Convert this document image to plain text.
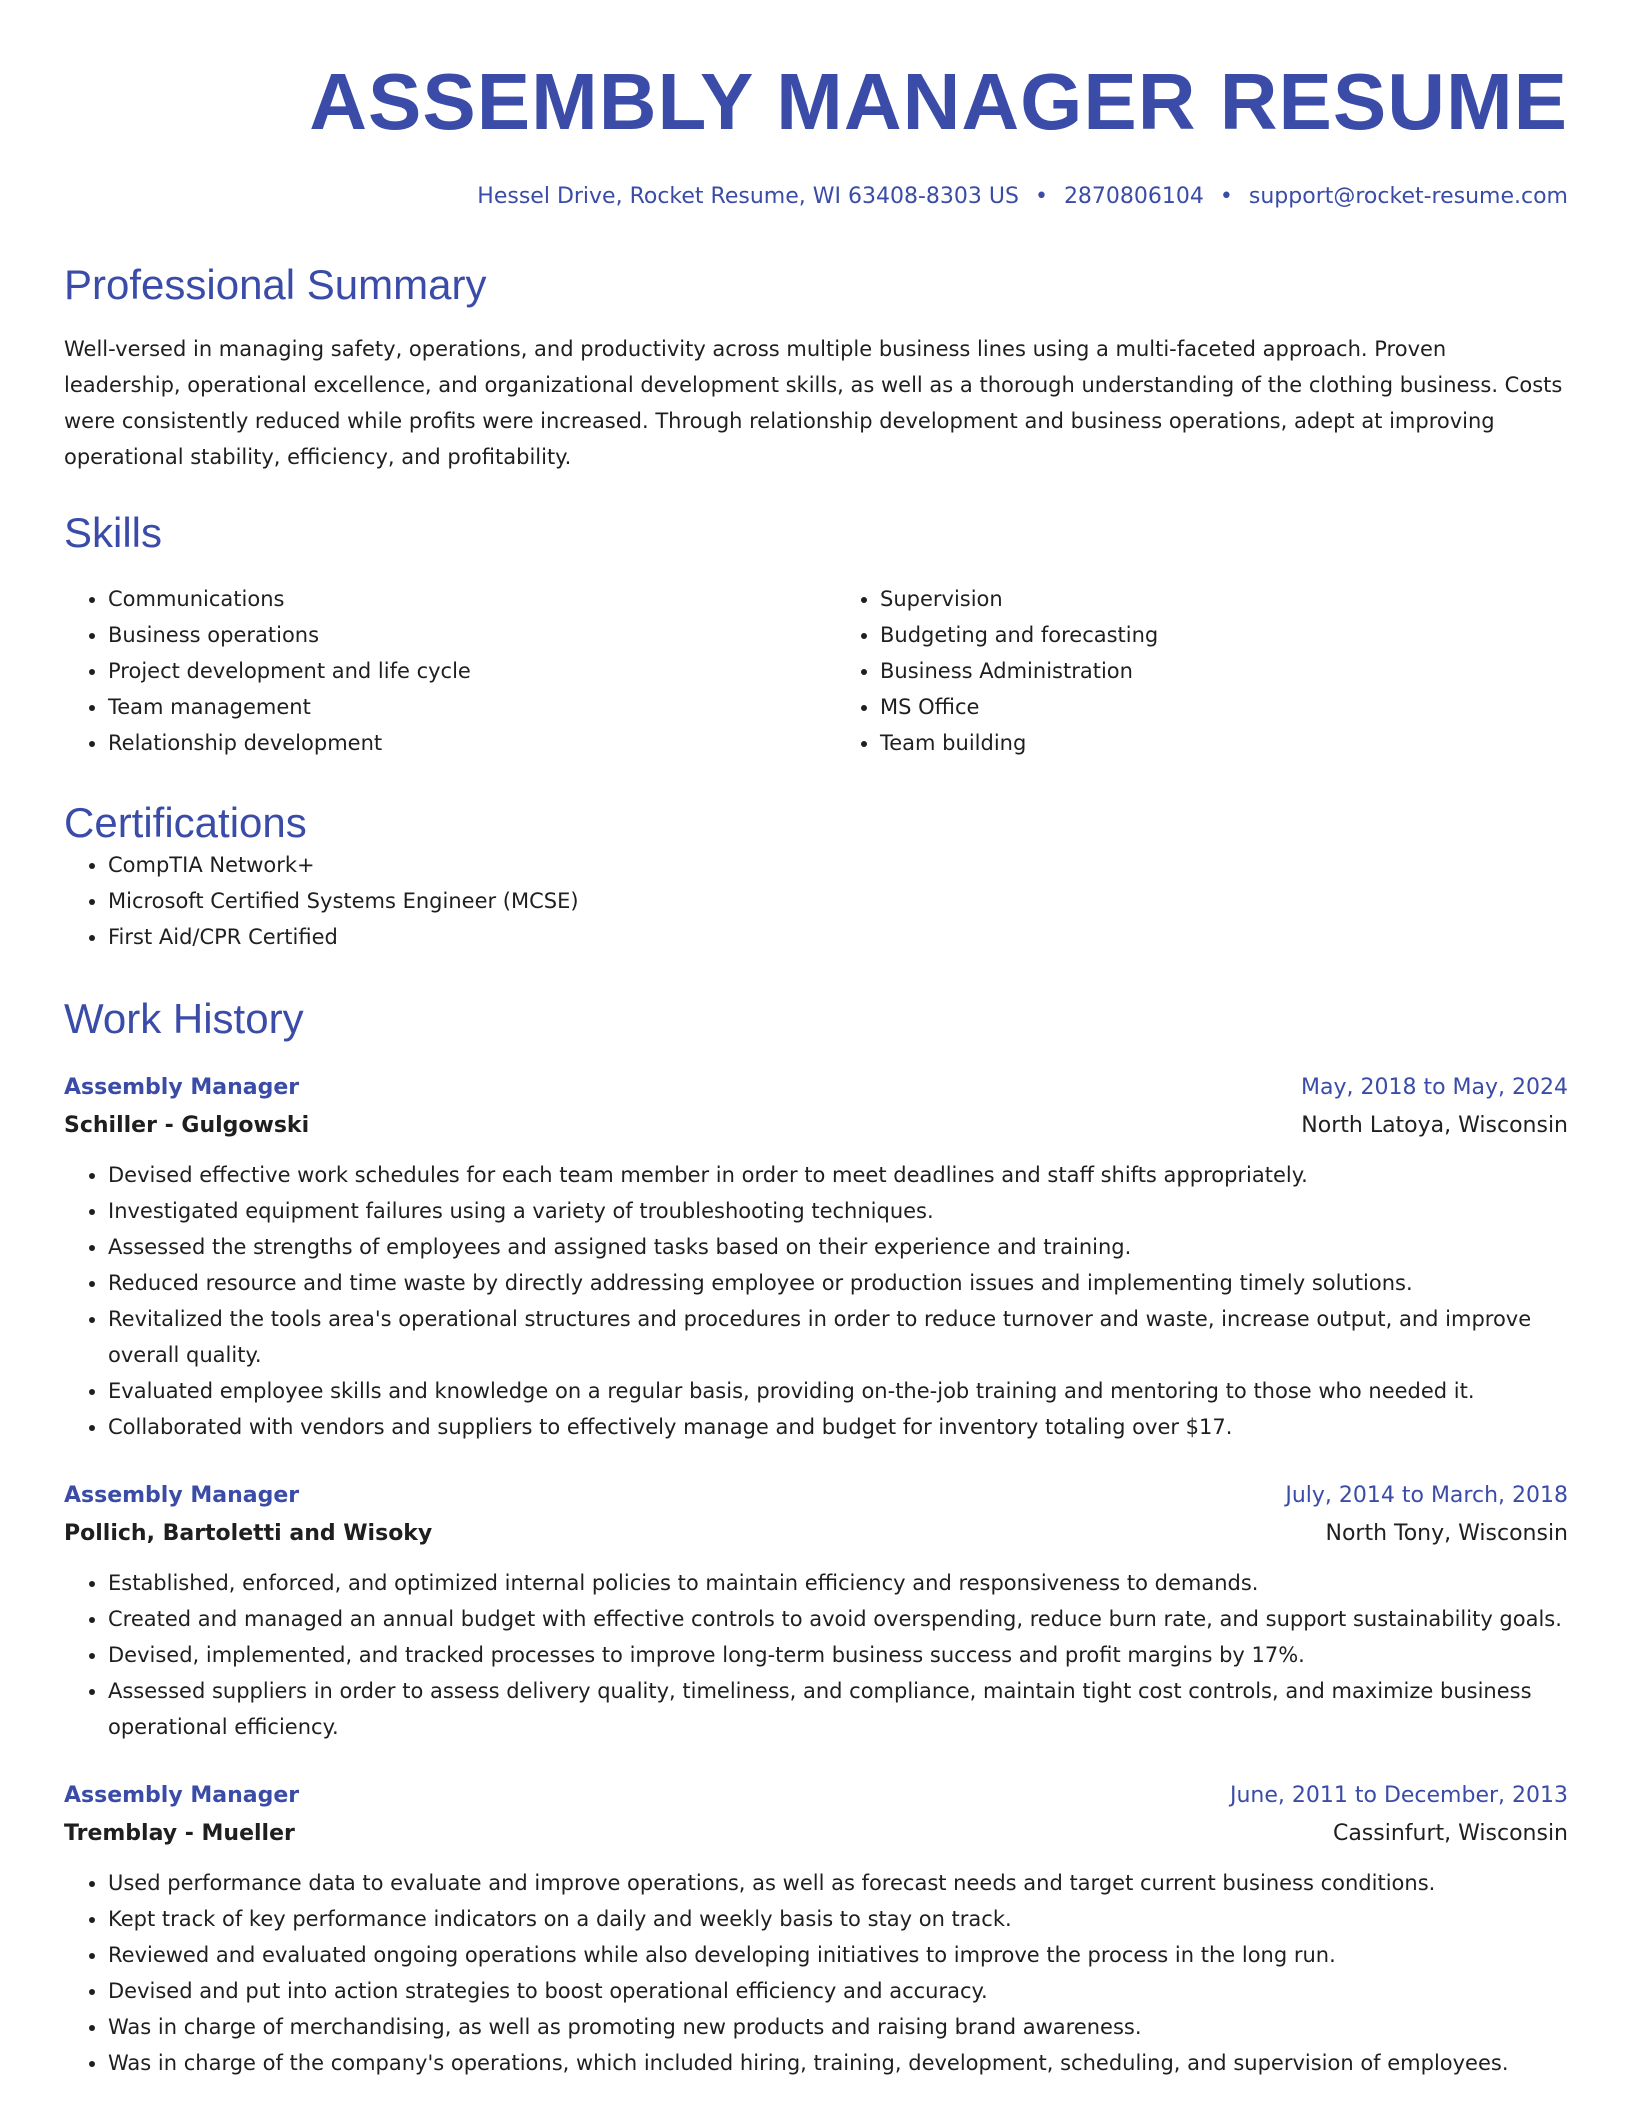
ASSEMBLY MANAGER RESUME
Hessel Drive, Rocket Resume, WI 63408-8303 US • 2870806104 • support@rocket-resume.com
Professional Summary

Well-versed in managing safety, operations, and productivity across multiple business lines using a multi-faceted approach. Proven leadership, operational excellence, and organizational development skills, as well as a thorough understanding of the clothing business. Costs were consistently reduced while profits were increased. Through relationship development and business operations, adept at improving operational stability, efficiency, and profitability.

Skills
• Communications
• Business operations
• Project development and life cycle
• Team management
• Relationship development
• Supervision
• Budgeting and forecasting
• Business Administration
• MS Office
• Team building
Certifications
• CompTIA Network+
• Microsoft Certified Systems Engineer (MCSE)
• First Aid/CPR Certified
Work History
Assembly Manager	May, 2018 to May, 2024
Schiller - Gulgowski	North Latoya, Wisconsin
• Devised effective work schedules for each team member in order to meet deadlines and staff shifts appropriately.
• Investigated equipment failures using a variety of troubleshooting techniques.
• Assessed the strengths of employees and assigned tasks based on their experience and training.
• Reduced resource and time waste by directly addressing employee or production issues and implementing timely solutions.
• Revitalized the tools area's operational structures and procedures in order to reduce turnover and waste, increase output, and improve overall quality.
• Evaluated employee skills and knowledge on a regular basis, providing on-the-job training and mentoring to those who needed it.
• Collaborated with vendors and suppliers to effectively manage and budget for inventory totaling over $17.
Assembly Manager	July, 2014 to March, 2018
Pollich, Bartoletti and Wisoky	North Tony, Wisconsin
• Established, enforced, and optimized internal policies to maintain efficiency and responsiveness to demands.
• Created and managed an annual budget with effective controls to avoid overspending, reduce burn rate, and support sustainability goals.
• Devised, implemented, and tracked processes to improve long-term business success and profit margins by 17%.
• Assessed suppliers in order to assess delivery quality, timeliness, and compliance, maintain tight cost controls, and maximize business operational efficiency.
Assembly Manager	June, 2011 to December, 2013
Tremblay - Mueller	Cassinfurt, Wisconsin
• Used performance data to evaluate and improve operations, as well as forecast needs and target current business conditions.
• Kept track of key performance indicators on a daily and weekly basis to stay on track.
• Reviewed and evaluated ongoing operations while also developing initiatives to improve the process in the long run.
• Devised and put into action strategies to boost operational efficiency and accuracy.
• Was in charge of merchandising, as well as promoting new products and raising brand awareness.
• Was in charge of the company's operations, which included hiring, training, development, scheduling, and supervision of employees.
